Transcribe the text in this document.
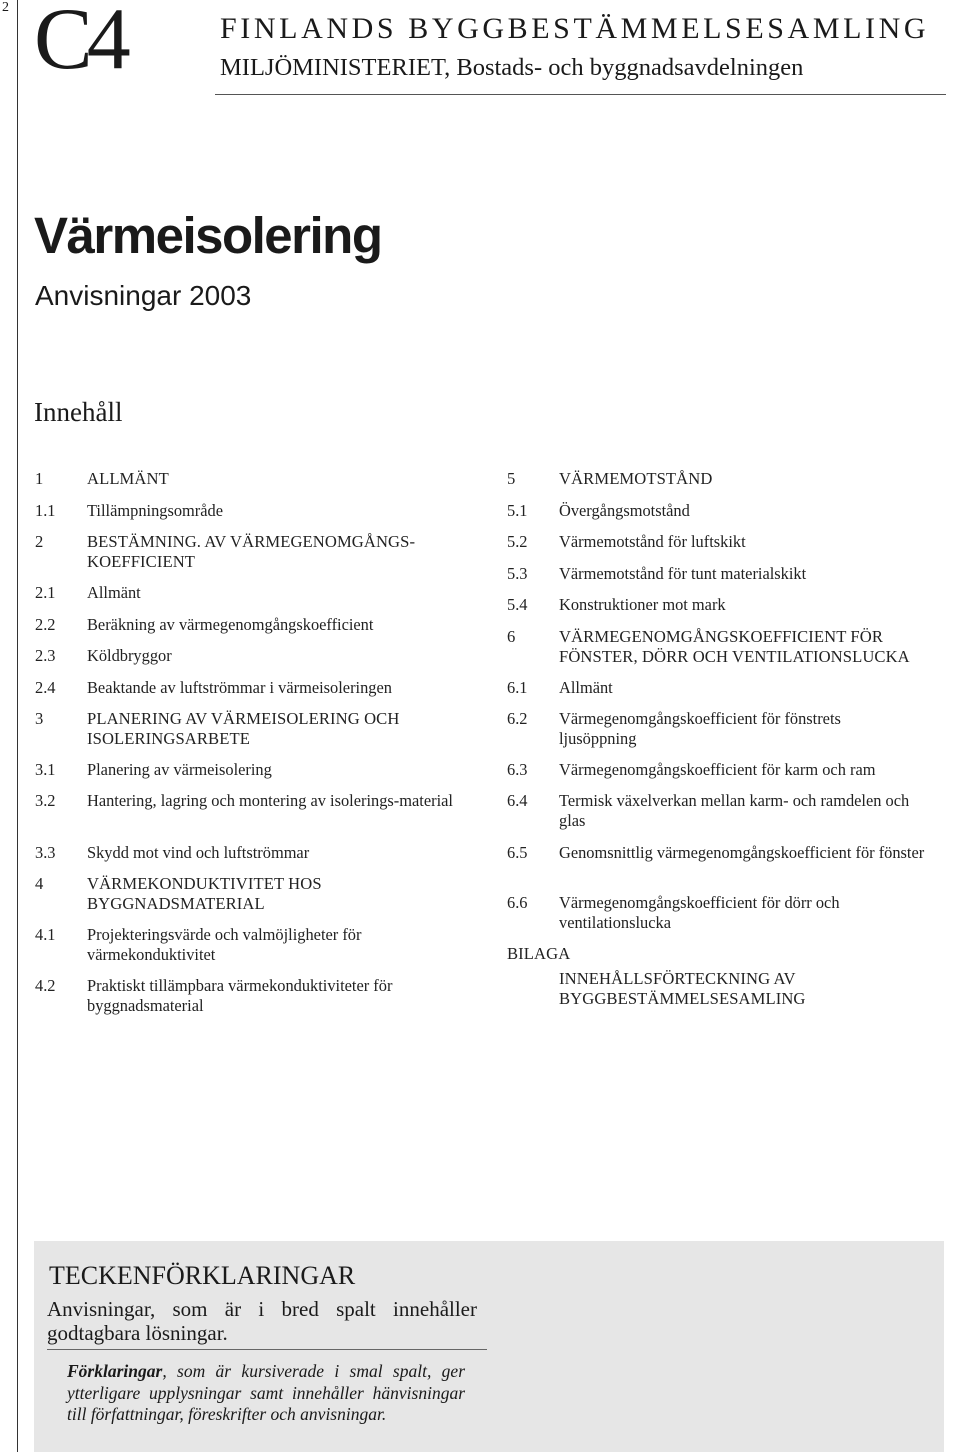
2 C4	FINLANDS BYGGBESTÄMMELSESAMLING
MILJÖMINISTERIET, Bostads- och byggnadsavdelningen
Värmeisolering
Anvisningar 2003
Innehåll
1	ALLMÄNT
1.1 Tillämpningsområde
2	BESTÄMNING. AV VÄRMEGENOMGÅNGS-KOEFFICIENT
2.1 Allmänt
2.2 Beräkning av värmegenomgångskoefficient
2.3 Köldbryggor
2.4 Beaktande av luftströmmar i värmeisoleringen
3	PLANERING AV VÄRMEISOLERING OCH ISOLERINGSARBETE
3.1 Planering av värmeisolering
3.2 Hantering, lagring och montering av isolerings-material
3.3 Skydd mot vind och luftströmmar
4	VÄRMEKONDUKTIVITET HOS BYGGNADSMATERIAL
4.1 Projekteringsvärde och valmöjligheter för värmekonduktivitet
4.2 Praktiskt tillämpbara värmekonduktiviteter för byggnadsmaterial
5	VÄRMEMOTSTÅND
5.1 Övergångsmotstånd
5.2 Värmemotstånd för luftskikt
5.3 Värmemotstånd för tunt materialskikt
5.4 Konstruktioner mot mark
6	VÄRMEGENOMGÅNGSKOEFFICIENT FÖR FÖNSTER, DÖRR OCH VENTILATIONSLUCKA
6.1 Allmänt
6.2 Värmegenomgångskoefficient för fönstrets ljusöppning
6.3 Värmegenomgångskoefficient för karm och ram
6.4 Termisk växelverkan mellan karm- och ramdelen och glas
6.5 Genomsnittlig värmegenomgångskoefficient för fönster
6.6 Värmegenomgångskoefficient för dörr och ventilationslucka
BILAGA
INNEHÅLLSFÖRTECKNING AV BYGGBESTÄMMELSESAMLING
TECKENFÖRKLARINGAR
Anvisningar, som är i bred spalt innehåller godtagbara lösningar.
Förklaringar, som är kursiverade i smal spalt, ger ytterligare upplysningar samt innehåller hänvisningar till författningar, föreskrifter och anvisningar.
